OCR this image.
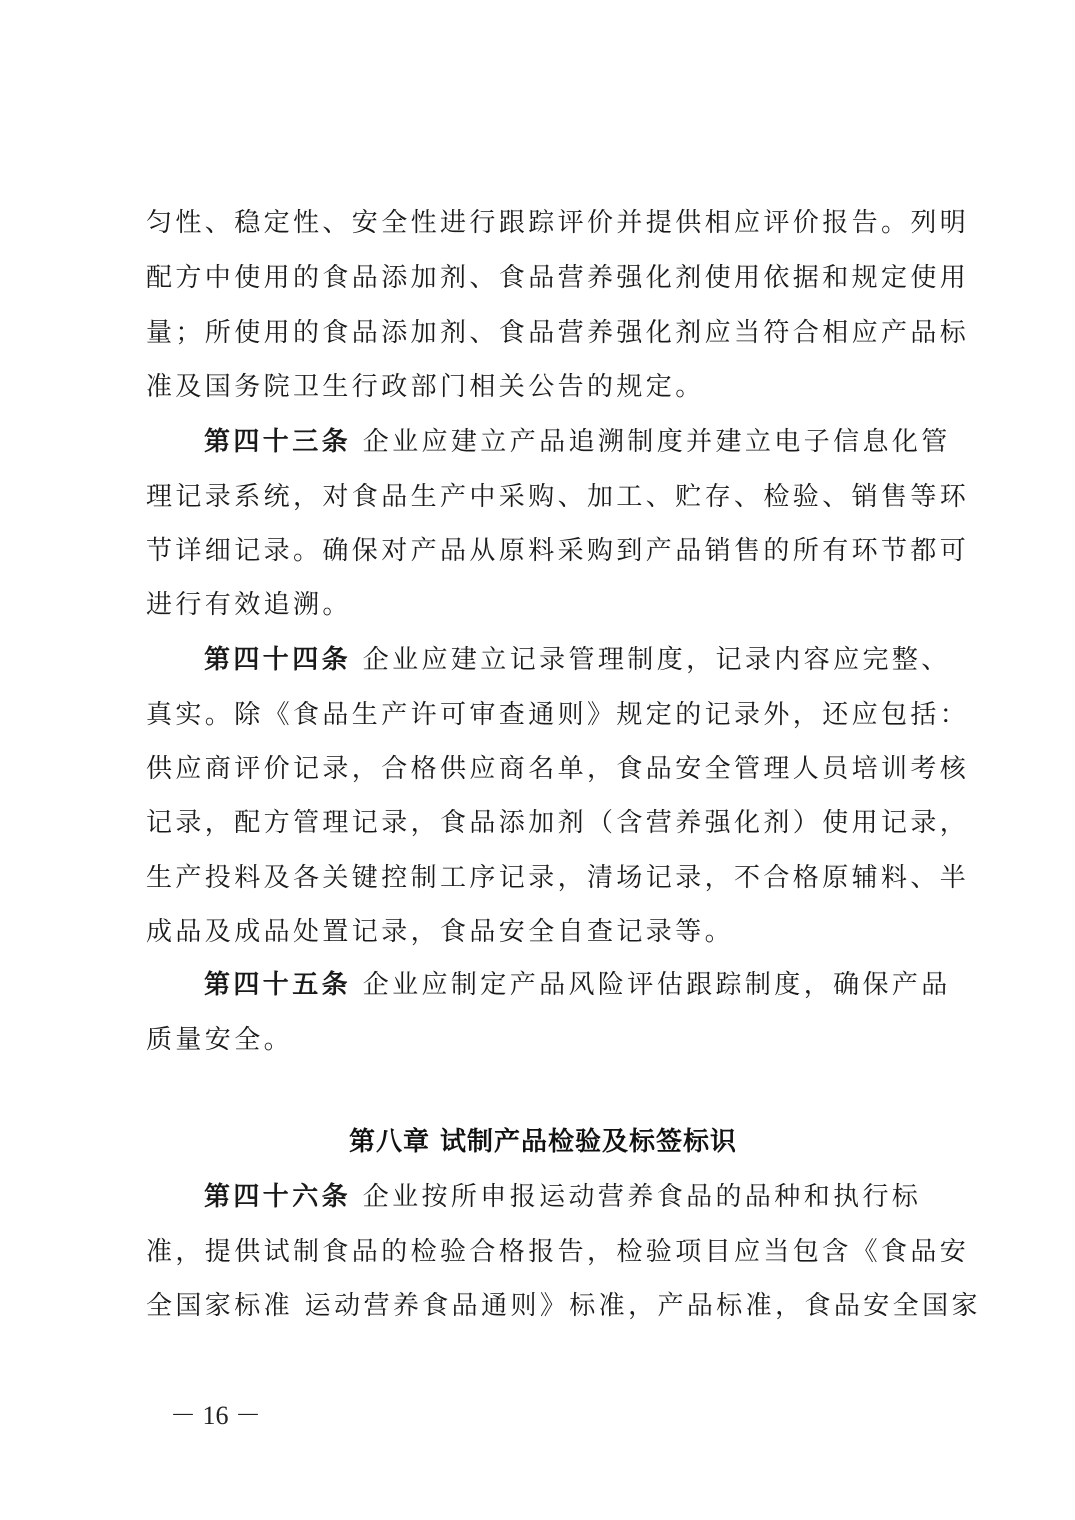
匀性、稳定性、安全性进行跟踪评价并提供相应评价报告。列明
配方中使用的食品添加剂、食品营养强化剂使用依据和规定使用
量；所使用的食品添加剂、食品营养强化剂应当符合相应产品标
准及国务院卫生行政部门相关公告的规定。
第四十三条 企业应建立产品追溯制度并建立电子信息化管
理记录系统，对食品生产中采购、加工、贮存、检验、销售等环
节详细记录。确保对产品从原料采购到产品销售的所有环节都可
进行有效追溯。
第四十四条 企业应建立记录管理制度，记录内容应完整、
真实。除《食品生产许可审查通则》规定的记录外，还应包括：
供应商评价记录，合格供应商名单，食品安全管理人员培训考核
记录，配方管理记录，食品添加剂（含营养强化剂）使用记录，
生产投料及各关键控制工序记录，清场记录，不合格原辅料、半
成品及成品处置记录，食品安全自查记录等。
第四十五条 企业应制定产品风险评估跟踪制度，确保产品
质量安全。
第八章 试制产品检验及标签标识
第四十六条 企业按所申报运动营养食品的品种和执行标
准，提供试制食品的检验合格报告，检验项目应当包含《食品安
全国家标准 运动营养食品通则》标准，产品标准，食品安全国家
－ 16 －
